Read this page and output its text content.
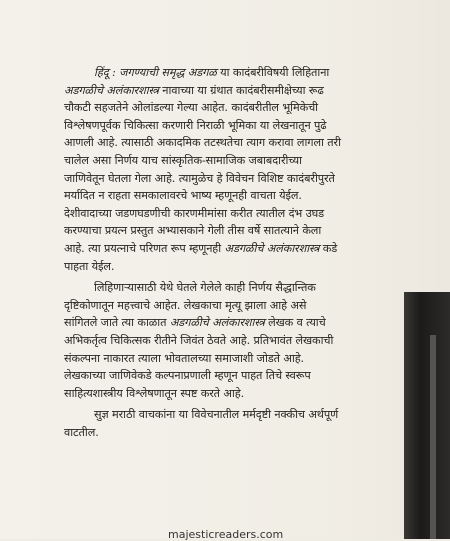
हिंदू : जगण्याची समृद्ध अडगळ या कादंबरीविषयी लिहिताना
अडगळीचे अलंकारशास्त्र नावाच्या या ग्रंथात कादंबरीसमीक्षेच्या रूढ
चौकटी सहजतेने ओलांडल्या गेल्या आहेत. कादंबरीतील भूमिकेची
विश्लेषणपूर्वक चिकित्सा करणारी निराळी भूमिका या लेखनातून पुढे
आणली आहे. त्यासाठी अकादमिक तटस्थतेचा त्याग करावा लागला तरी
चालेल असा निर्णय याच सांस्कृतिक-सामाजिक जबाबदारीच्या
जाणिवेतून घेतला गेला आहे. त्यामुळेच हे विवेचन विशिष्ट कादंबरीपुरते
मर्यादित न राहता समकालावरचे भाष्य म्हणूनही वाचता येईल.
देशीवादाच्या जडणघडणीची कारणमीमांसा करीत त्यातील दंभ उघड
करण्याचा प्रयत्न प्रस्तुत अभ्यासकाने गेली तीस वर्षे सातत्याने केला
आहे. त्या प्रयत्नाचे परिणत रूप म्हणूनही अडगळीचे अलंकारशास्त्र कडे
पाहता येईल.

लिहिणाऱ्यासाठी येथे घेतले गेलेले काही निर्णय सैद्धान्तिक
दृष्टिकोणातून महत्त्वाचे आहेत. लेखकाचा मृत्यू झाला आहे असे
सांगितले जाते त्या काळात अडगळीचे अलंकारशास्त्र लेखक व त्याचे
अभिकर्तृत्व चिकित्सक रीतीने जिवंत ठेवते आहे. प्रतिभावंत लेखकाची
संकल्पना नाकारत त्याला भोवतालच्या समाजाशी जोडते आहे.
लेखकाच्या जाणिवेकडे कल्पनाप्रणाली म्हणून पाहत तिचे स्वरूप
साहित्यशास्त्रीय विश्लेषणातून स्पष्ट करते आहे.

सुज्ञ मराठी वाचकांना या विवेचनातील मर्मदृष्टी नक्कीच अर्थपूर्ण
वाटतील.

majesticreaders.com
